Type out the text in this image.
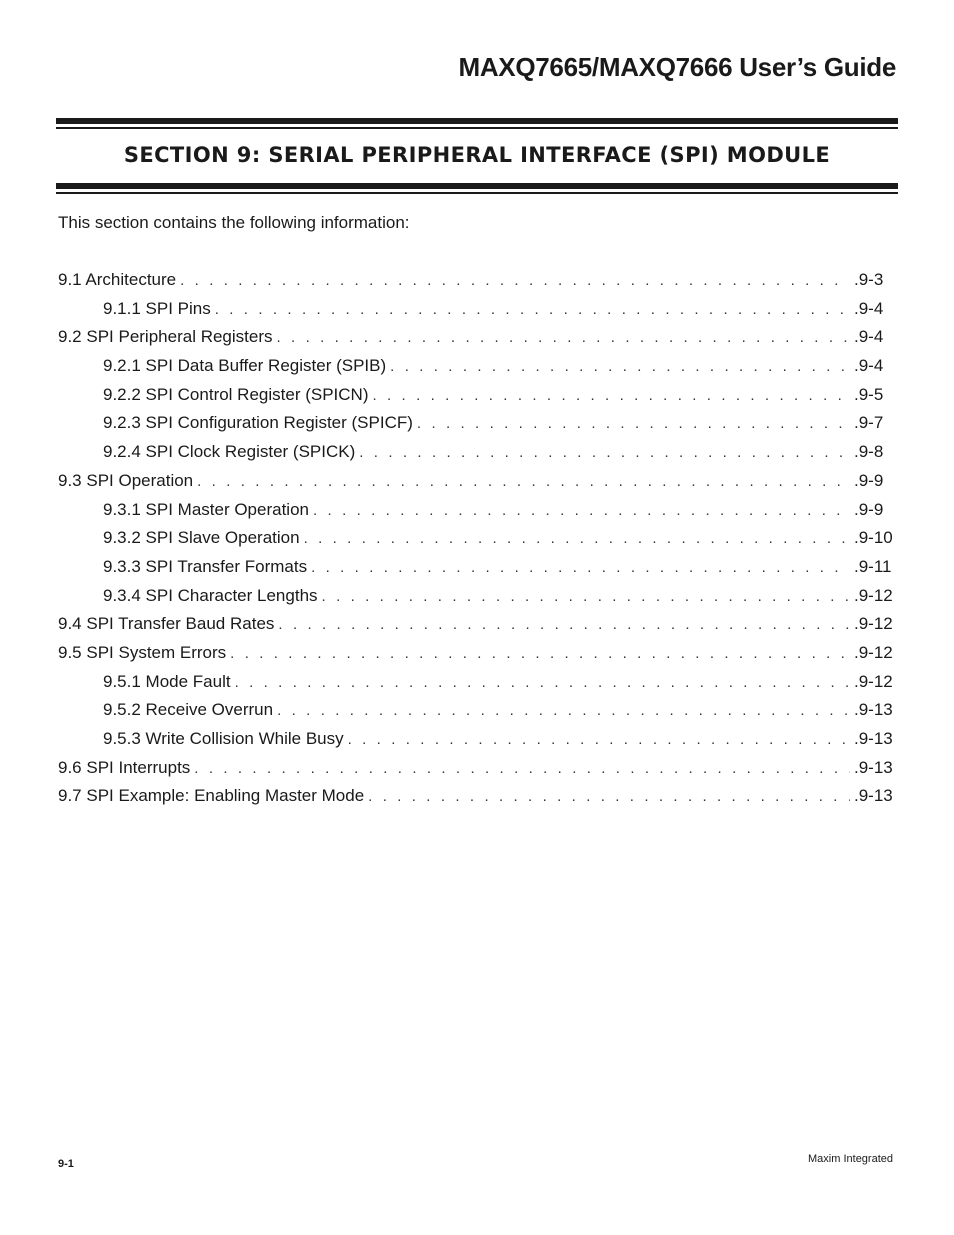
MAXQ7665/MAXQ7666 User’s Guide
SECTION 9: SERIAL PERIPHERAL INTERFACE (SPI) MODULE
This section contains the following information:
9.1 Architecture . . .	.9-3
9.1.1 SPI Pins . . .	.9-4
9.2 SPI Peripheral Registers . . .	.9-4
9.2.1 SPI Data Buffer Register (SPIB) . . .	.9-4
9.2.2 SPI Control Register (SPICN) . . .	.9-5
9.2.3 SPI Configuration Register (SPICF) . . .	.9-7
9.2.4 SPI Clock Register (SPICK) . . .	.9-8
9.3 SPI Operation . . .	.9-9
9.3.1 SPI Master Operation . . .	.9-9
9.3.2 SPI Slave Operation . . .	.9-10
9.3.3 SPI Transfer Formats . . .	.9-11
9.3.4 SPI Character Lengths . . .	.9-12
9.4 SPI Transfer Baud Rates . . .	.9-12
9.5 SPI System Errors . . .	.9-12
9.5.1 Mode Fault . . .	.9-12
9.5.2 Receive Overrun . . .	.9-13
9.5.3 Write Collision While Busy . . .	.9-13
9.6 SPI Interrupts . . .	.9-13
9.7 SPI Example: Enabling Master Mode . . .	.9-13
9-1	Maxim Integrated
